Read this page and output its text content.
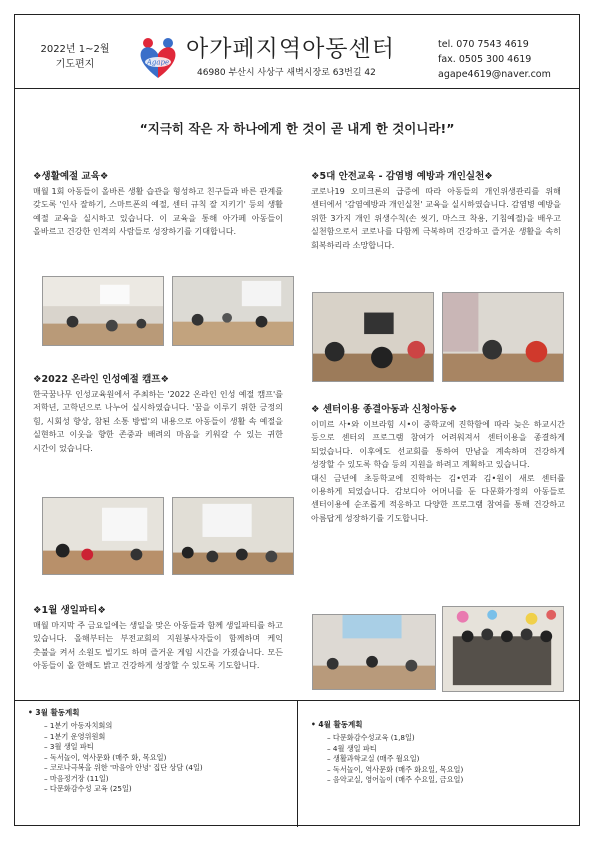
2022년 1~2월
기도편지	Agape
아가페지역아동센터
46980 부산시 사상구 새벽시장로 63번길 42
tel. 070 7543 4619
fax. 0505 300 4619
agape4619@naver.com
“지극히 작은 자 하나에게 한 것이 곧 내게 한 것이니라!”
❖생활예절 교육❖

매월 1회 아동들이 올바른 생활 습관을 형성하고 친구들과 바른 관계를 갖도록 '인사 잘하기, 스마트폰의 예절, 센터 규칙 잘 지키기' 등의 생활 예절 교육을 실시하고 있습니다. 이 교육을 통해 아가페 아동들이 올바르고 건강한 인격의 사람들로 성장하기를 기대합니다.

❖2022 온라인 인성예절 캠프❖

한국꿈나무 인성교육원에서 주최하는 '2022 온라인 인성 예절 캠프'를 저학년, 고학년으로 나누어 실시하였습니다. '꿈을 이루기 위한 긍정의 힘, 시회성 향상, 참된 소통 방법'의 내용으로 아동들이 생활 속 예절을 실현하고 이웃을 향한 존중과 배려의 마음을 키워갈 수 있는 귀한 시간이 었습니다.

❖1월 생일파티❖

매월 마지막 주 금요일에는 생일을 맞은 아동들과 함께 생일파티를 하고 있습니다. 올해부터는 부전교회의 지원봉사자들이 함께하며 케익 촛불을 켜서 소원도 빌기도 하며 즐거운 게임 시간을 가졌습니다. 모든 아동들이 올 한해도 밝고 건강하게 성장할 수 있도록 기도합니다.

❖5대 안전교육 - 감염병 예방과 개인실천❖

코로나19 오미크론의 급증에 따라 아동들의 개인위생관리를 위해 센터에서 '감염예방과 개인실천' 교육을 실시하였습니다. 감염병 예방을 위한 3가지 개인 위생수칙(손 씻기, 마스크 착용, 기침예절)을 배우고 실천함으로서 코로나를 다함께 극복하며 건강하고 즐거운 생활을 속히 회복하리라 소망합니다.

❖ 센터이용 종결아동과 신청아동❖

이미르 사•와 이브라힘 시•이 중학교에 진학함에 따라 늦은 하교시간 등으로 센터의 프로그램 참여가 어려워져서 센터이용을 종결하게 되었습니다. 이후에도 선교회를 통하여 만남을 계속하며 건강하게 성장할 수 있도록 학습 등의 지원을 하려고 계획하고 있습니다.

대신 금년에 초등학교에 진학하는 김•연과 김•원이 새로 센터를 이용하게 되었습니다. 감보디아 어머니를 둔 다문화가정의 아동들로 센터이용에 순조롭게 적응하고 다양한 프로그램 참여를 통해 건강하고 아름답게 성장하기를 기도합니다.

• 3월 활동계획
– 1분기 아동자치회의
– 1분기 운영위원회
– 3월 생일 파티
– 독서놀이, 역사문화 (매주 화, 목요일)
– 코로나극복을 위한 '마음아 안녕' 집단 상담 (4일)
– 마음정거장 (11일)
– 다문화감수성 교육 (25일)
• 4월 활동계획
– 다문화감수성교육 (1,8일)
– 4월 생일 파티
– 생활과학교실 (매주 월요일)
– 독서놀이, 역사문화 (매주 화요일, 목요일)
– 음악교실, 영어놀이 (매주 수요일, 금요일)
